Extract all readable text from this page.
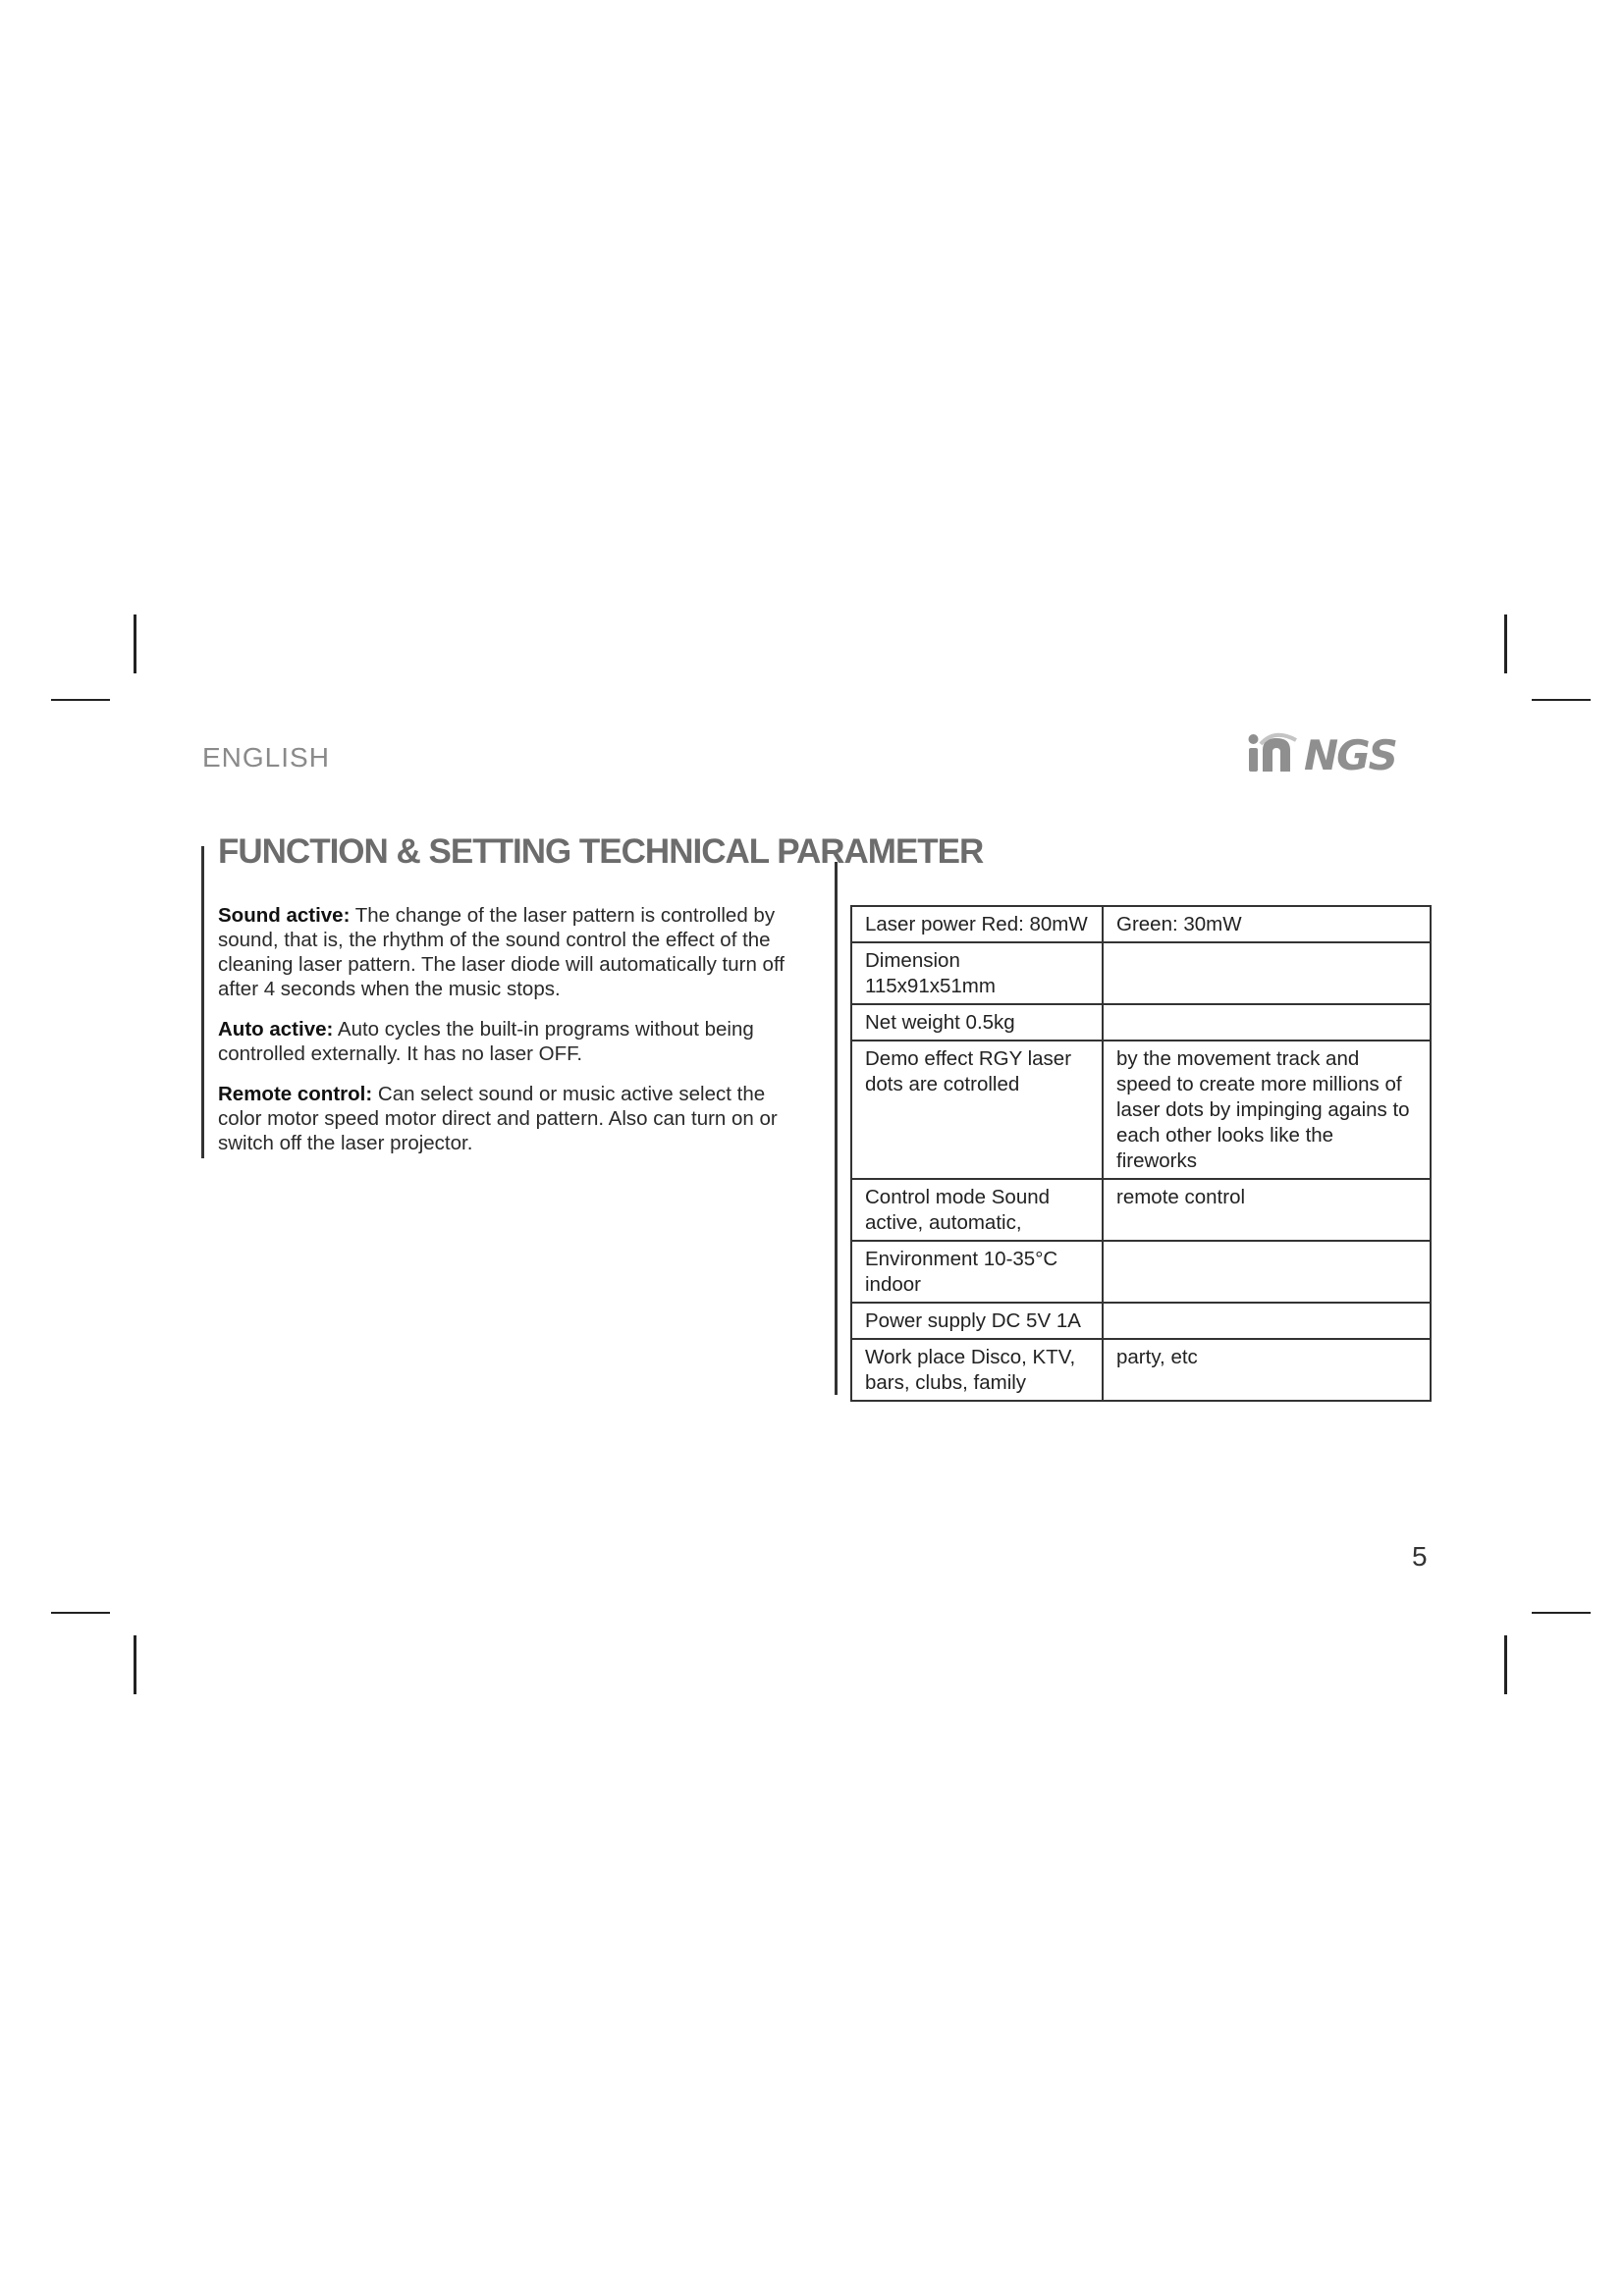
ENGLISH	NGS
FUNCTION & SETTING TECHNICAL PARAMETER

Sound active: The change of the laser pattern is controlled by sound, that is, the rhythm of the sound control the effect of the cleaning laser pattern. The laser diode will automatically turn off after 4 seconds when the music stops.

Auto active: Auto cycles the built-in programs without being controlled externally. It has no laser OFF.

Remote control: Can select sound or music active select the color motor speed motor direct and pattern. Also can turn on or switch off the laser projector.

Laser power Red: 80mW	Green: 30mW
Dimension 115x91x51mm	
Net weight 0.5kg	
Demo effect RGY laser dots are cotrolled	by the movement track and speed to create more millions of laser dots by impinging agains to each other looks like the fireworks
Control mode Sound active, automatic,	remote control
Environment 10-35°C indoor	
Power supply DC 5V 1A	
Work place Disco, KTV, bars, clubs, family	party, etc
5
